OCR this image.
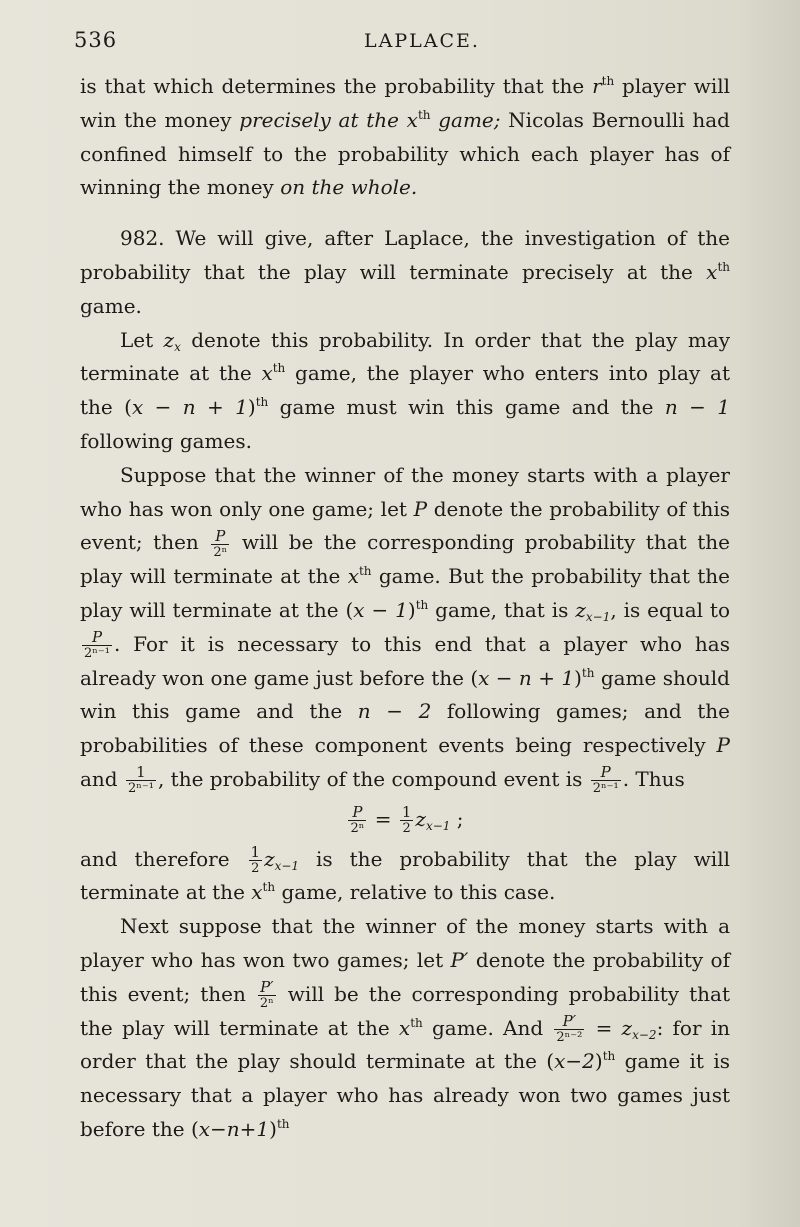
536	LAPLACE.

is that which determines the probability that the $r^{th}$ player will win the money precisely at the $x^{th}$ game; Nicolas Bernoulli had confined himself to the probability which each player has of winning the money on the whole.

982. We will give, after Laplace, the investigation of the probability that the play will terminate precisely at the $x^{th}$ game.

Let $z_x$ denote this probability. In order that the play may terminate at the $x^{th}$ game, the player who enters into play at the $(x - n + 1)^{th}$ game must win this game and the n − 1 following games.

Suppose that the winner of the money starts with a player who has won only one game; let P denote the probability of this event; then $\frac{P}{\text{2ⁿ}}$ will be the corresponding probability that the play will terminate at the $x^{th}$ game. But the probability that the play will terminate at the $(x - 1)^{th}$ game, that is $z_{x-1}$, is equal to
$\frac{P}{\text{2ⁿ⁻¹}}$ . For it is necessary to this end that a player who has already won one game just before the $(x - n + 1)^{th}$ game should win this game and the n − 2 following games; and the probabilities of these component events being respectively P and $\frac{1}{\text{2ⁿ⁻¹}}$ , the probability of the compound event is $\frac{P}{\text{2ⁿ⁻¹}}$ . Thus

$\frac{P}{\text{2ⁿ}} = \frac{1}{2} z_{x-1}$ ;

and therefore $\frac{1}{2} z_{x-1}$ is the probability that the play will terminate at the $x^{th}$ game, relative to this case.

Next suppose that the winner of the money starts with a player who has won two games; let P′ denote the probability of this event; then $\frac{P'}{\text{2ⁿ}}$ will be the corresponding probability that the play will terminate at the $x^{th}$ game. And $\frac{P'}{\text{2ⁿ⁻²}} = z_{x-2}$: for in order that the play should terminate at the $(x-2)^{th}$ game it is necessary that a player who has already won two games just before the $(x-n+1)^{th}$
